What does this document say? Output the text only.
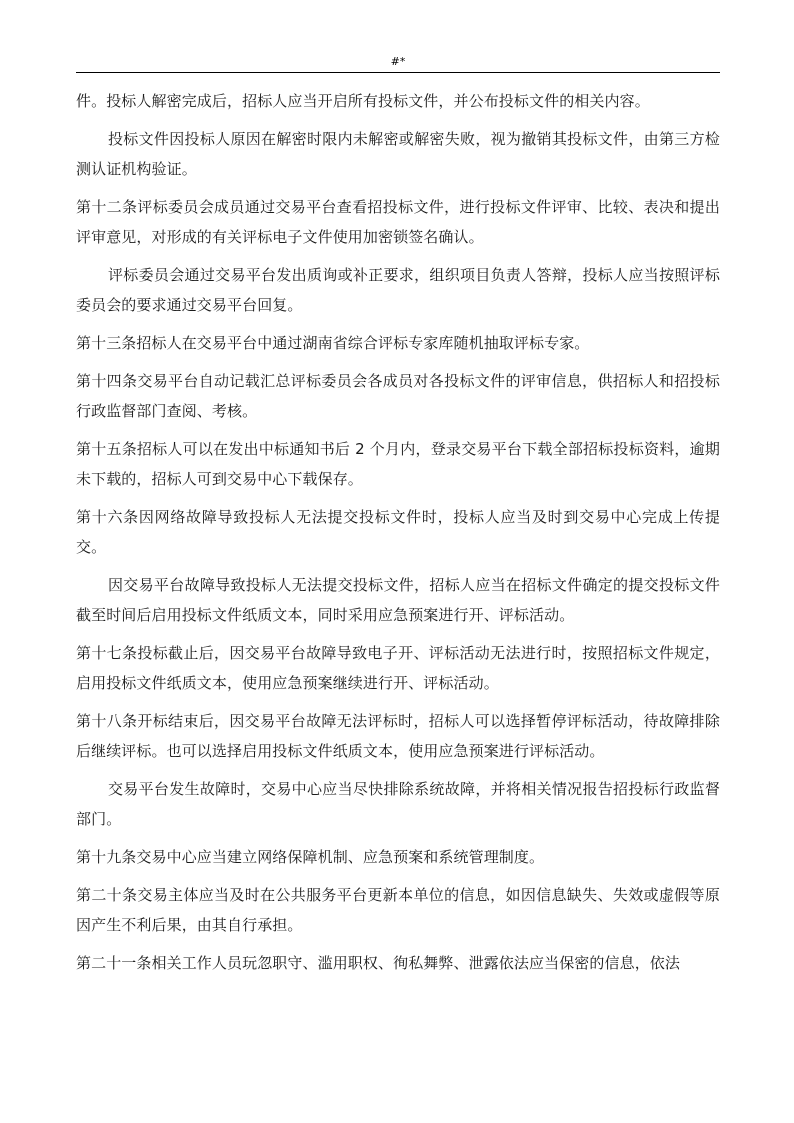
#*

件。投标人解密完成后，招标人应当开启所有投标文件，并公布投标文件的相关内容。

投标文件因投标人原因在解密时限内未解密或解密失败，视为撤销其投标文件，由第三方检测认证机构验证。

第十二条评标委员会成员通过交易平台查看招投标文件，进行投标文件评审、比较、表决和提出评审意见，对形成的有关评标电子文件使用加密锁签名确认。

评标委员会通过交易平台发出质询或补正要求，组织项目负责人答辩，投标人应当按照评标委员会的要求通过交易平台回复。

第十三条招标人在交易平台中通过湖南省综合评标专家库随机抽取评标专家。

第十四条交易平台自动记载汇总评标委员会各成员对各投标文件的评审信息，供招标人和招投标行政监督部门查阅、考核。

第十五条招标人可以在发出中标通知书后 2 个月内，登录交易平台下载全部招标投标资料，逾期未下载的，招标人可到交易中心下载保存。

第十六条因网络故障导致投标人无法提交投标文件时，投标人应当及时到交易中心完成上传提交。

因交易平台故障导致投标人无法提交投标文件，招标人应当在招标文件确定的提交投标文件截至时间后启用投标文件纸质文本，同时采用应急预案进行开、评标活动。

第十七条投标截止后，因交易平台故障导致电子开、评标活动无法进行时，按照招标文件规定，启用投标文件纸质文本，使用应急预案继续进行开、评标活动。

第十八条开标结束后，因交易平台故障无法评标时，招标人可以选择暂停评标活动，待故障排除后继续评标。也可以选择启用投标文件纸质文本，使用应急预案进行评标活动。

交易平台发生故障时，交易中心应当尽快排除系统故障，并将相关情况报告招投标行政监督部门。

第十九条交易中心应当建立网络保障机制、应急预案和系统管理制度。

第二十条交易主体应当及时在公共服务平台更新本单位的信息，如因信息缺失、失效或虚假等原因产生不利后果，由其自行承担。

第二十一条相关工作人员玩忽职守、滥用职权、徇私舞弊、泄露依法应当保密的信息，依法
